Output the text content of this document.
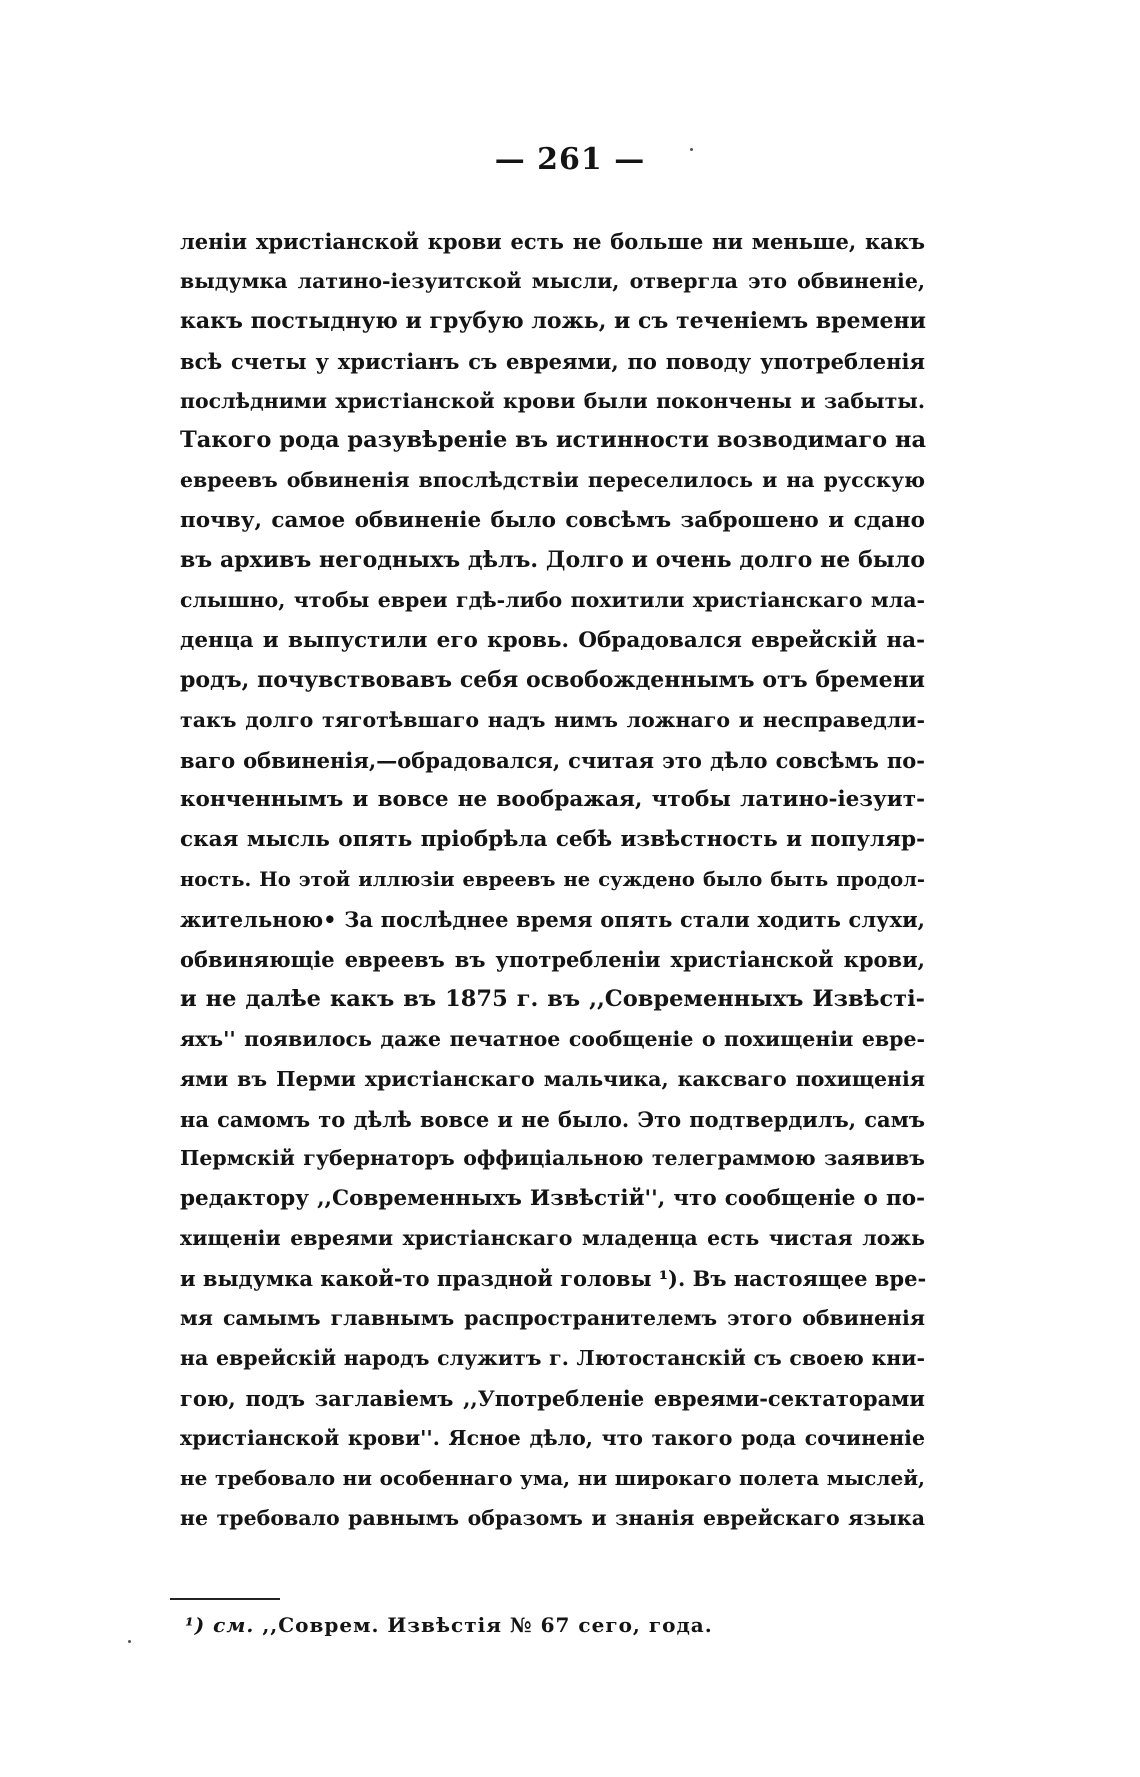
— 261 —
леніи христіанской крови есть не больше ни меньше, какъ
выдумка латино-іезуитской мысли, отвергла это обвиненіе,
какъ постыдную и грубую ложь, и съ теченіемъ времени
всѣ счеты у христіанъ съ евреями, по поводу употребленія
послѣдними христіанской крови были покончены и забыты.
Такого рода разувѣреніе въ истинности возводимаго на
евреевъ обвиненія впослѣдствіи переселилось и на русскую
почву, самое обвиненіе было совсѣмъ заброшено и сдано
въ архивъ негодныхъ дѣлъ. Долго и очень долго не было
слышно, чтобы евреи гдѣ-либо похитили христіанскаго мла-
денца и выпустили его кровь. Обрадовался еврейскій на-
родъ, почувствовавъ себя освобожденнымъ отъ бремени
такъ долго тяготѣвшаго надъ нимъ ложнаго и несправедли-
ваго обвиненія,—обрадовался, считая это дѣло совсѣмъ по-
конченнымъ и вовсе не воображая, чтобы латино-іезуит-
ская мысль опять пріобрѣла себѣ извѣстность и популяр-
ность. Но этой иллюзіи евреевъ не суждено было быть продол-
жительною• За послѣднее время опять стали ходить слухи,
обвиняющіе евреевъ въ употребленіи христіанской крови,
и не далѣе какъ въ 1875 г. въ ,,Современныхъ Извѣстi-
яхъ'' появилось даже печатное сообщеніе о похищеніи евре-
ями въ Перми христіанскаго мальчика, каксваго похищенія
на самомъ то дѣлѣ вовсе и не было. Это подтвердилъ, самъ
Пермскій губернаторъ оффиціальною телеграммою заявивъ
редактору ,,Современныхъ Извѣстій'', что сообщеніе о по-
хищеніи евреями христіанскаго младенца есть чистая ложь
и выдумка какой-то праздной головы ¹). Въ настоящее вре-
мя самымъ главнымъ распространителемъ этого обвиненія
на еврейскій народъ служитъ г. Лютостанскій съ своею кни-
гою, подъ заглавіемъ ,,Употребленіе евреями-сектаторами
христіанской крови''. Ясное дѣло, что такого рода сочиненіе
не требовало ни особеннаго ума, ни широкаго полета мыслей,
не требовало равнымъ образомъ и знанія еврейскаго языка
¹) см. ,,Соврем. Извѣстія № 67 сего, года.
